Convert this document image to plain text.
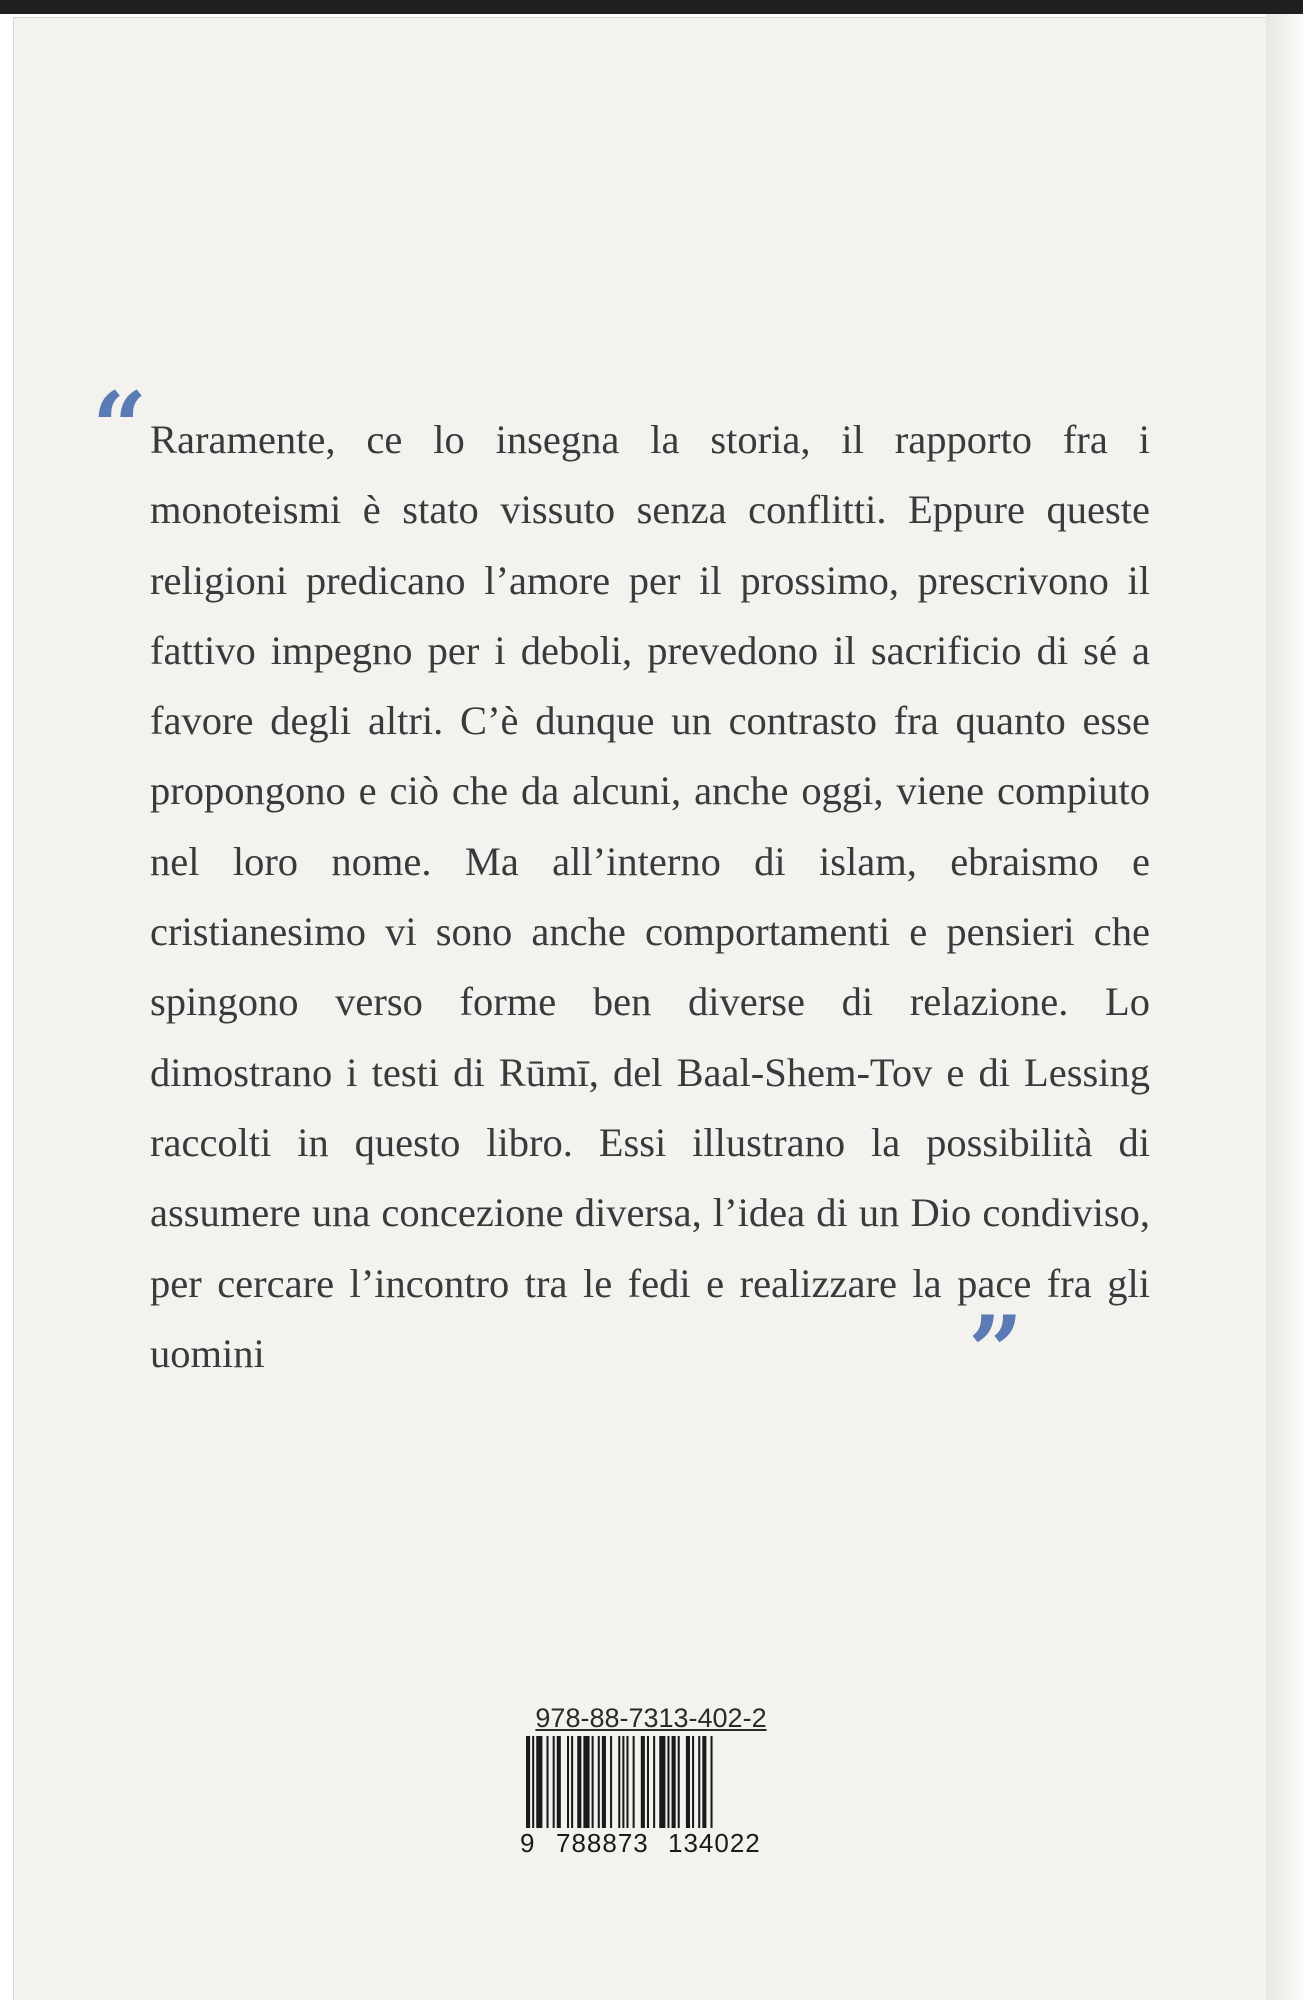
“ Raramente, ce lo insegna la storia, il rapporto fra i monoteismi è stato vissuto senza conflitti. Eppure queste religioni predicano l’amore per il prossimo, prescrivono il fattivo impegno per i deboli, prevedono il sacrificio di sé a favore degli altri. C’è dunque un contrasto fra quanto esse propongono e ciò che da alcuni, anche oggi, viene compiuto nel loro nome. Ma all’interno di islam, ebraismo e cristianesimo vi sono anche comportamenti e pensieri che spingono verso forme ben diverse di relazione. Lo dimostrano i testi di Rūmī, del Baal-Shem-Tov e di Lessing raccolti in questo libro. Essi illustrano la possibilità di assumere una concezione diversa, l’idea di un Dio condiviso, per cercare l’incontro tra le fedi e realizzare la pace fra gli uomini	”
978-88-7313-402-2
9 788873 134022
